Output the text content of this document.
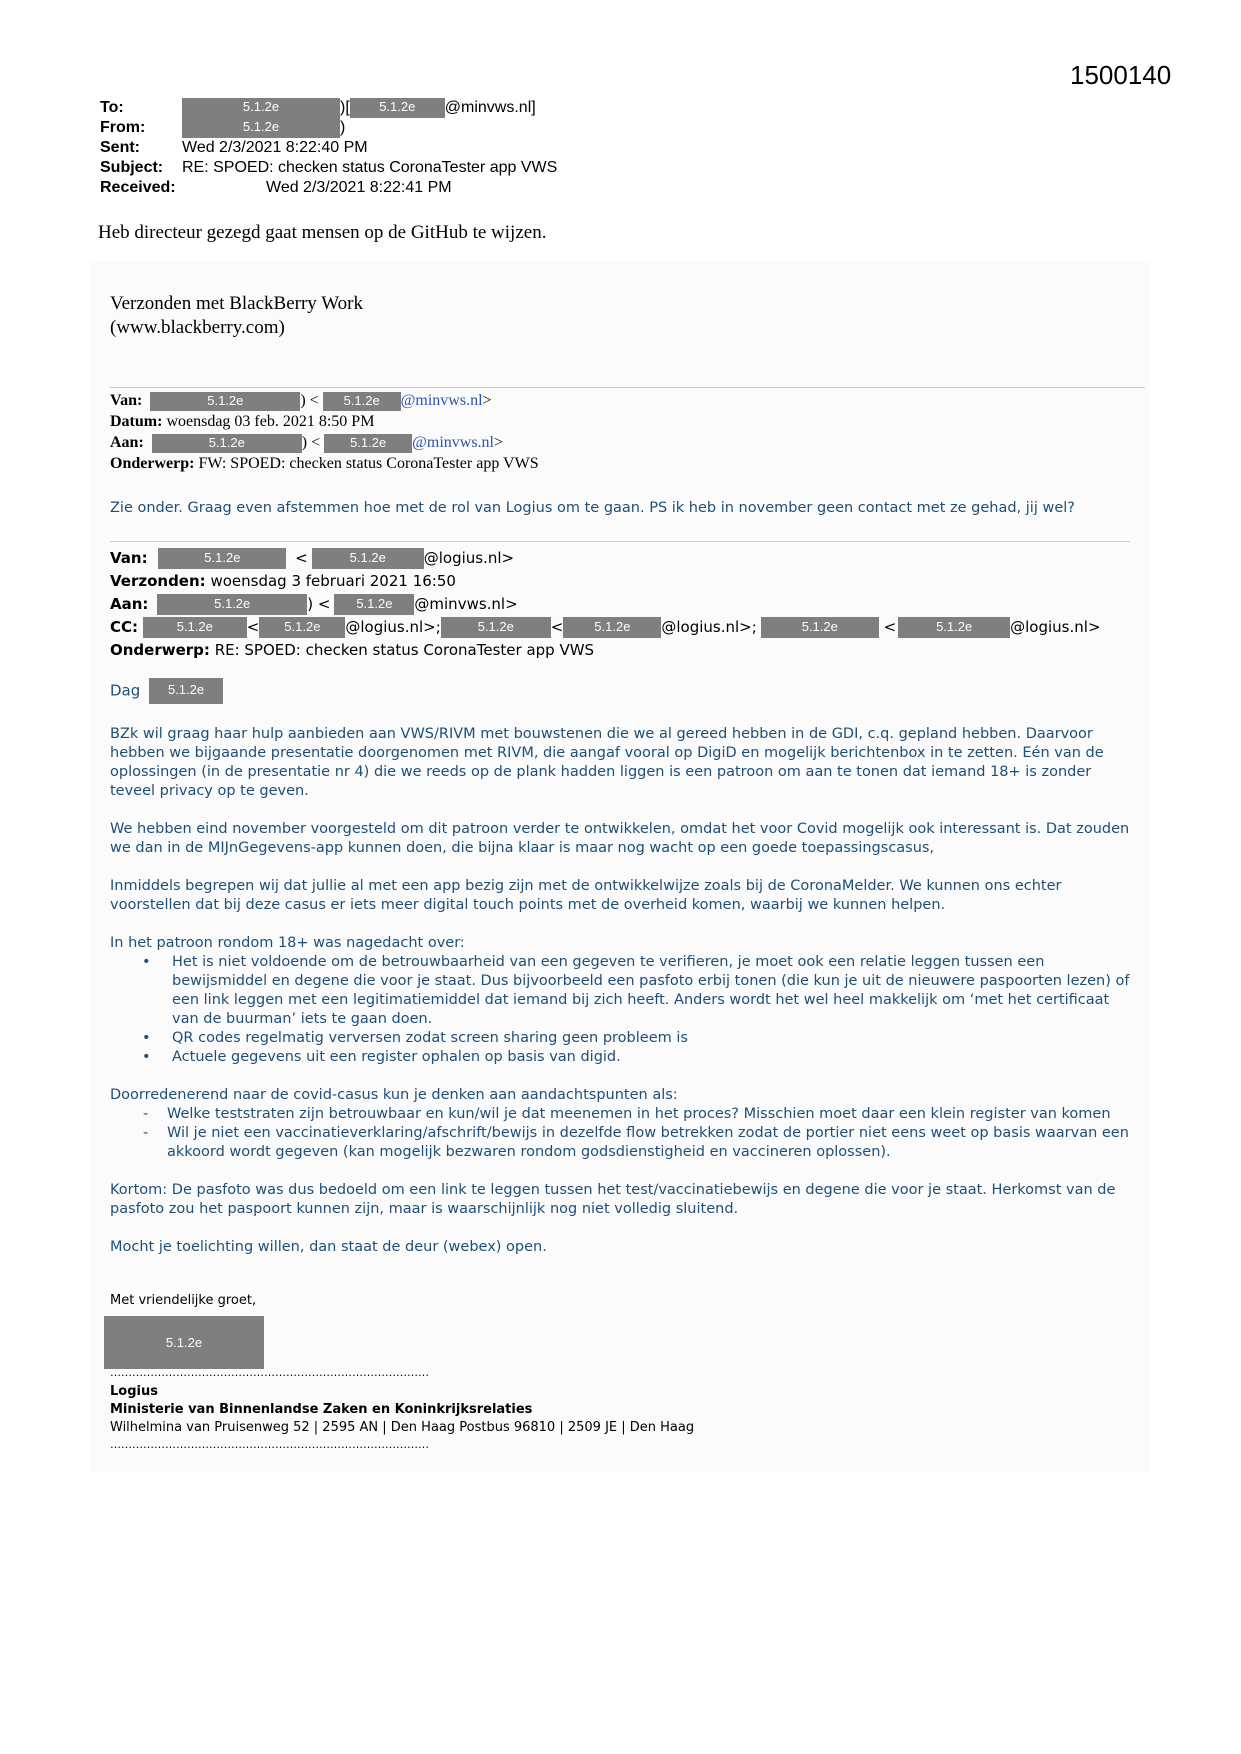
1500140
To:	5.1.2e	)[ 5.1.2e @minvws.nl]
From:	5.1.2e	)
Sent:	Wed 2/3/2021 8:22:40 PM
Subject: RE: SPOED: checken status CoronaTester app VWS
Received:	Wed 2/3/2021 8:22:41 PM
Heb directeur gezegd gaat mensen op de GitHub te wijzen.
Verzonden met BlackBerry Work
(www.blackberry.com)
Van:	5.1.2e	) < 5.1.2e @minvws.nl>
Datum: woensdag 03 feb. 2021 8:50 PM
Aan:	5.1.2e	) < 5.1.2e @minvws.nl>
Onderwerp: FW: SPOED: checken status CoronaTester app VWS
Zie onder. Graag even afstemmen hoe met de rol van Logius om te gaan. PS ik heb in november geen contact met ze gehad, jij wel?
Van:	5.1.2e	<	5.1.2e	@logius.nl>
Verzonden: woensdag 3 februari 2021 16:50
Aan:	5.1.2e	) < 5.1.2e @minvws.nl>
CC:	5.1.2e < 5.1.2e @logius.nl>;	5.1.2e < 5.1.2e @logius.nl>;	5.1.2e	<	5.1.2e	@logius.nl>
Onderwerp: RE: SPOED: checken status CoronaTester app VWS
Dag 5.1.2e

BZk wil graag haar hulp aanbieden aan VWS/RIVM met bouwstenen die we al gereed hebben in de GDI, c.q. gepland hebben. Daarvoor hebben we bijgaande presentatie doorgenomen met RIVM, die aangaf vooral op DigiD en mogelijk berichtenbox in te zetten. Eén van de oplossingen (in de presentatie nr 4) die we reeds op de plank hadden liggen is een patroon om aan te tonen dat iemand 18+ is zonder teveel privacy op te geven.

We hebben eind november voorgesteld om dit patroon verder te ontwikkelen, omdat het voor Covid mogelijk ook interessant is. Dat zouden we dan in de MIJnGegevens-app kunnen doen, die bijna klaar is maar nog wacht op een goede toepassingscasus,

Inmiddels begrepen wij dat jullie al met een app bezig zijn met de ontwikkelwijze zoals bij de CoronaMelder. We kunnen ons echter voorstellen dat bij deze casus er iets meer digital touch points met de overheid komen, waarbij we kunnen helpen.

In het patroon rondom 18+ was nagedacht over:
• Het is niet voldoende om de betrouwbaarheid van een gegeven te verifieren, je moet ook een relatie leggen tussen een bewijsmiddel en degene die voor je staat. Dus bijvoorbeeld een pasfoto erbij tonen (die kun je uit de nieuwere paspoorten lezen) of een link leggen met een legitimatiemiddel dat iemand bij zich heeft. Anders wordt het wel heel makkelijk om ‘met het certificaat van de buurman’ iets te gaan doen.
• QR codes regelmatig verversen zodat screen sharing geen probleem is
• Actuele gegevens uit een register ophalen op basis van digid.
Doorredenerend naar de covid-casus kun je denken aan aandachtspunten als:
- Welke teststraten zijn betrouwbaar en kun/wil je dat meenemen in het proces? Misschien moet daar een klein register van komen
- Wil je niet een vaccinatieverklaring/afschrift/bewijs in dezelfde flow betrekken zodat de portier niet eens weet op basis waarvan een akkoord wordt gegeven (kan mogelijk bezwaren rondom godsdienstigheid en vaccineren oplossen).

Kortom: De pasfoto was dus bedoeld om een link te leggen tussen het test/vaccinatiebewijs en degene die voor je staat. Herkomst van de pasfoto zou het paspoort kunnen zijn, maar is waarschijnlijk nog niet volledig sluitend.

Mocht je toelichting willen, dan staat de deur (webex) open.

Met vriendelijke groet,
5.1.2e
……………………………………………………………………………
Logius
Ministerie van Binnenlandse Zaken en Koninkrijksrelaties
Wilhelmina van Pruisenweg 52 | 2595 AN | Den Haag Postbus 96810 | 2509 JE | Den Haag
……………………………………………………………………………
